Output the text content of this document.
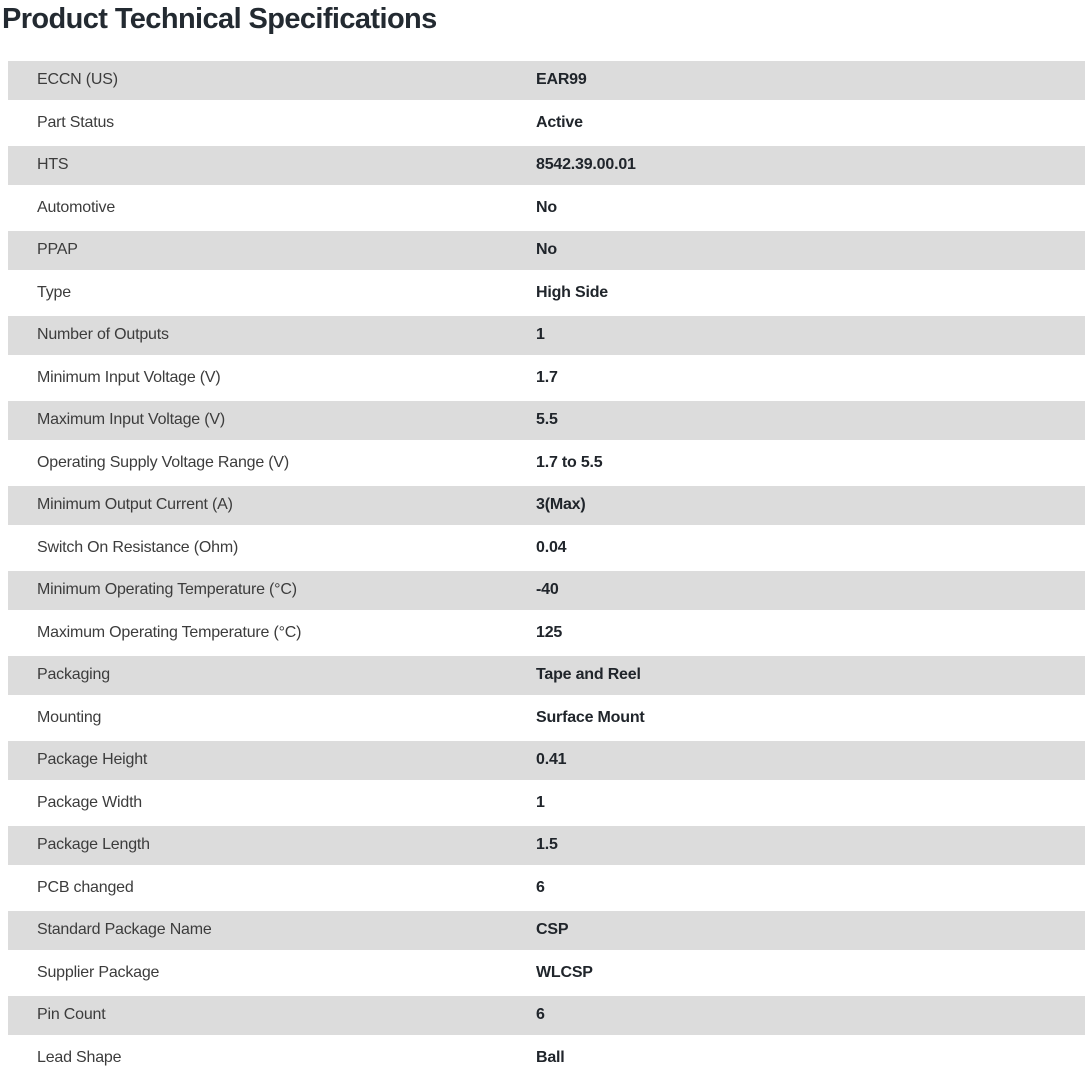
Product Technical Specifications
ECCN (US)	EAR99
Part Status	Active
HTS	8542.39.00.01
Automotive	No
PPAP	No
Type	High Side
Number of Outputs	1
Minimum Input Voltage (V)	1.7
Maximum Input Voltage (V)	5.5
Operating Supply Voltage Range (V)	1.7 to 5.5
Minimum Output Current (A)	3(Max)
Switch On Resistance (Ohm)	0.04
Minimum Operating Temperature (°C)	-40
Maximum Operating Temperature (°C)	125
Packaging	Tape and Reel
Mounting	Surface Mount
Package Height	0.41
Package Width	1
Package Length	1.5
PCB changed	6
Standard Package Name	CSP
Supplier Package	WLCSP
Pin Count	6
Lead Shape	Ball
